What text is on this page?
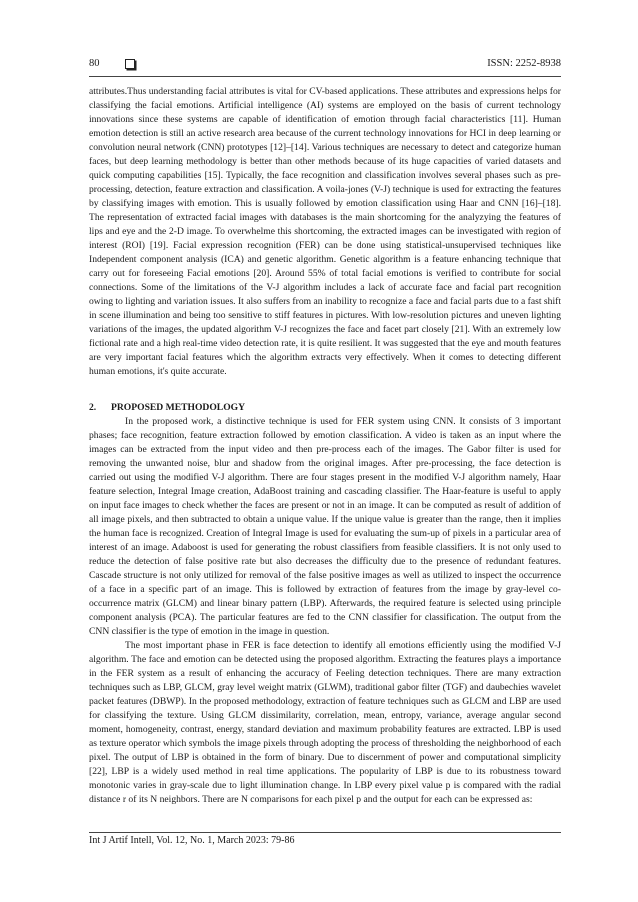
80	ISSN: 2252-8938

attributes.Thus understanding facial attributes is vital for CV-based applications. These attributes and expressions helps for classifying the facial emotions. Artificial intelligence (AI) systems are employed on the basis of current technology innovations since these systems are capable of identification of emotion through facial characteristics [11]. Human emotion detection is still an active research area because of the current technology innovations for HCI in deep learning or convolution neural network (CNN) prototypes [12]–[14]. Various techniques are necessary to detect and categorize human faces, but deep learning methodology is better than other methods because of its huge capacities of varied datasets and quick computing capabilities [15]. Typically, the face recognition and classification involves several phases such as pre-processing, detection, feature extraction and classification. A voila-jones (V-J) technique is used for extracting the features by classifying images with emotion. This is usually followed by emotion classification using Haar and CNN [16]–[18]. The representation of extracted facial images with databases is the main shortcoming for the analyzying the features of lips and eye and the 2-D image. To overwhelme this shortcoming, the extracted images can be investigated with region of interest (ROI) [19]. Facial expression recognition (FER) can be done using statistical-unsupervised techniques like Independent component analysis (ICA) and genetic algorithm. Genetic algorithm is a feature enhancing technique that carry out for foreseeing Facial emotions [20]. Around 55% of total facial emotions is verified to contribute for social connections. Some of the limitations of the V-J algorithm includes a lack of accurate face and facial part recognition owing to lighting and variation issues. It also suffers from an inability to recognize a face and facial parts due to a fast shift in scene illumination and being too sensitive to stiff features in pictures. With low-resolution pictures and uneven lighting variations of the images, the updated algorithm V-J recognizes the face and facet part closely [21]. With an extremely low fictional rate and a high real-time video detection rate, it is quite resilient. It was suggested that the eye and mouth features are very important facial features which the algorithm extracts very effectively. When it comes to detecting different human emotions, it's quite accurate.

2. PROPOSED METHODOLOGY

In the proposed work, a distinctive technique is used for FER system using CNN. It consists of 3 important phases; face recognition, feature extraction followed by emotion classification. A video is taken as an input where the images can be extracted from the input video and then pre-process each of the images. The Gabor filter is used for removing the unwanted noise, blur and shadow from the original images. After pre-processing, the face detection is carried out using the modified V-J algorithm. There are four stages present in the modified V-J algorithm namely, Haar feature selection, Integral Image creation, AdaBoost training and cascading classifier. The Haar-feature is useful to apply on input face images to check whether the faces are present or not in an image. It can be computed as result of addition of all image pixels, and then subtracted to obtain a unique value. If the unique value is greater than the range, then it implies the human face is recognized. Creation of Integral Image is used for evaluating the sum-up of pixels in a particular area of interest of an image. Adaboost is used for generating the robust classifiers from feasible classifiers. It is not only used to reduce the detection of false positive rate but also decreases the difficulty due to the presence of redundant features. Cascade structure is not only utilized for removal of the false positive images as well as utilized to inspect the occurrence of a face in a specific part of an image. This is followed by extraction of features from the image by gray-level co-occurrence matrix (GLCM) and linear binary pattern (LBP). Afterwards, the required feature is selected using principle component analysis (PCA). The particular features are fed to the CNN classifier for classification. The output from the CNN classifier is the type of emotion in the image in question.

The most important phase in FER is face detection to identify all emotions efficiently using the modified V-J algorithm. The face and emotion can be detected using the proposed algorithm. Extracting the features plays a importance in the FER system as a result of enhancing the accuracy of Feeling detection techniques. There are many extraction techniques such as LBP, GLCM, gray level weight matrix (GLWM), traditional gabor filter (TGF) and daubechies wavelet packet features (DBWP). In the proposed methodology, extraction of feature techniques such as GLCM and LBP are used for classifying the texture. Using GLCM dissimilarity, correlation, mean, entropy, variance, average angular second moment, homogeneity, contrast, energy, standard deviation and maximum probability features are extracted. LBP is used as texture operator which symbols the image pixels through adopting the process of thresholding the neighborhood of each pixel. The output of LBP is obtained in the form of binary. Due to discernment of power and computational simplicity [22], LBP is a widely used method in real time applications. The popularity of LBP is due to its robustness toward monotonic varies in gray-scale due to light illumination change. In LBP every pixel value p is compared with the radial distance r of its N neighbors. There are N comparisons for each pixel p and the output for each can be expressed as:

Int J Artif Intell, Vol. 12, No. 1, March 2023: 79-86
